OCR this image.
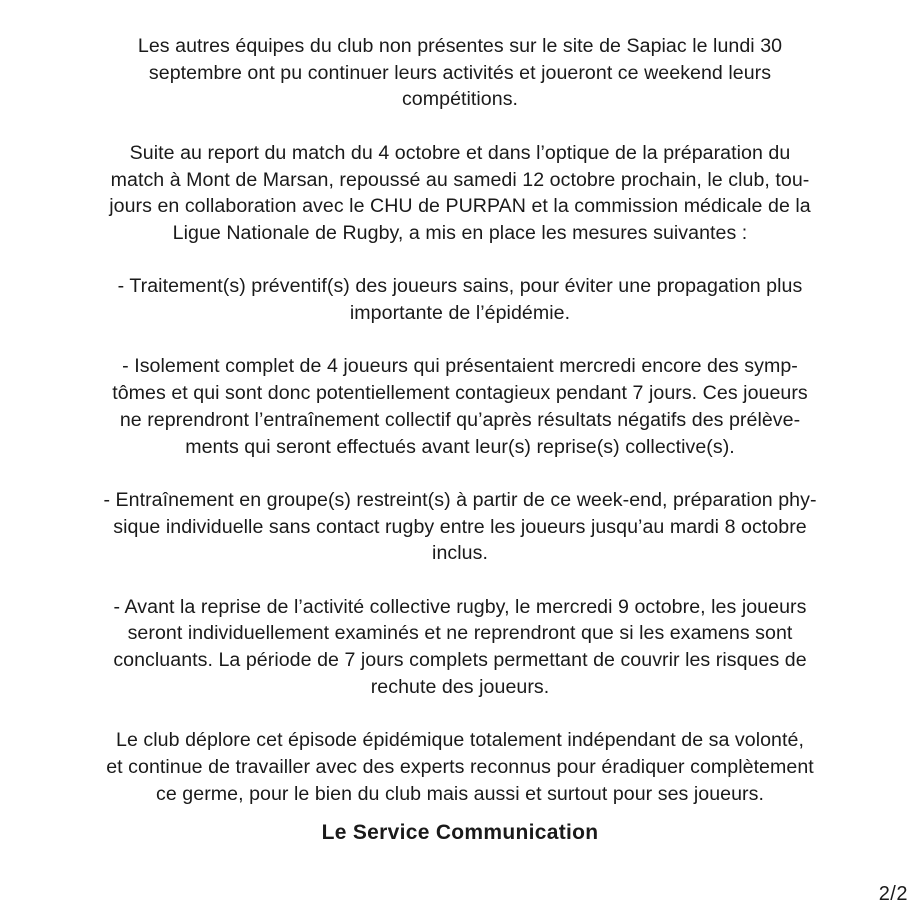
Les autres équipes du club non présentes sur le site de Sapiac le lundi 30
septembre ont pu continuer leurs activités et joueront ce weekend leurs
compétitions.

Suite au report du match du 4 octobre et dans l’optique de la préparation du
match à Mont de Marsan, repoussé au samedi 12 octobre prochain, le club, tou-
jours en collaboration avec le CHU de PURPAN et la commission médicale de la
Ligue Nationale de Rugby, a mis en place les mesures suivantes :

- Traitement(s) préventif(s) des joueurs sains, pour éviter une propagation plus
importante de l’épidémie.

- Isolement complet de 4 joueurs qui présentaient mercredi encore des symp-
tômes et qui sont donc potentiellement contagieux pendant 7 jours. Ces joueurs
ne reprendront l’entraînement collectif qu’après résultats négatifs des prélève-
ments qui seront effectués avant leur(s) reprise(s) collective(s).

- Entraînement en groupe(s) restreint(s) à partir de ce week-end, préparation phy-
sique individuelle sans contact rugby entre les joueurs jusqu’au mardi 8 octobre
inclus.

- Avant la reprise de l’activité collective rugby, le mercredi 9 octobre, les joueurs
seront individuellement examinés et ne reprendront que si les examens sont
concluants. La période de 7 jours complets permettant de couvrir les risques de
rechute des joueurs.

Le club déplore cet épisode épidémique totalement indépendant de sa volonté,
et continue de travailler avec des experts reconnus pour éradiquer complètement
ce germe, pour le bien du club mais aussi et surtout pour ses joueurs.

Le Service Communication

2/2
